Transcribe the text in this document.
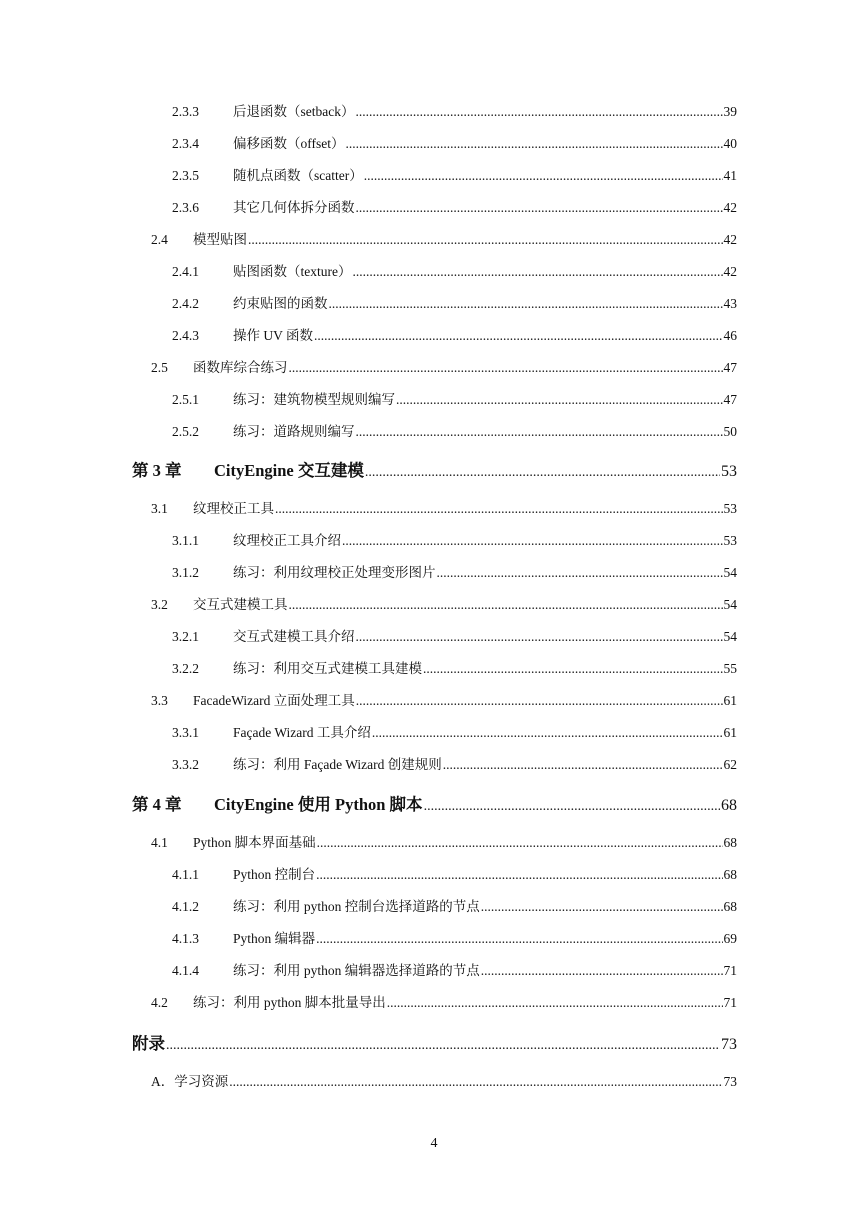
2.3.3	后退函数（setback） .....	39
2.3.4	偏移函数（offset） .....	40
2.3.5	随机点函数（scatter） .....	41
2.3.6	其它几何体拆分函数 .....	42
2.4	模型贴图 .....	42
2.4.1	贴图函数（texture） .....	42
2.4.2	约束贴图的函数 .....	43
2.4.3	操作 UV 函数 .....	46
2.5	函数库综合练习 .....	47
2.5.1	练习：建筑物模型规则编写 .....	47
2.5.2	练习：道路规则编写 .....	50
第 3 章	CityEngine 交互建模 .....	53
3.1	纹理校正工具 .....	53
3.1.1	纹理校正工具介绍 .....	53
3.1.2	练习：利用纹理校正处理变形图片 .....	54
3.2	交互式建模工具 .....	54
3.2.1	交互式建模工具介绍 .....	54
3.2.2	练习：利用交互式建模工具建模 .....	55
3.3	FacadeWizard 立面处理工具 .....	61
3.3.1	Façade Wizard 工具介绍 .....	61
3.3.2	练习：利用 Façade Wizard 创建规则 .....	62
第 4 章	CityEngine 使用 Python 脚本 .....	68
4.1	Python 脚本界面基础 .....	68
4.1.1	Python 控制台 .....	68
4.1.2	练习：利用 python 控制台选择道路的节点 .....	68
4.1.3	Python 编辑器 .....	69
4.1.4	练习：利用 python 编辑器选择道路的节点 .....	71
4.2	练习：利用 python 脚本批量导出 .....	71
附录 .....	73
A．学习资源 .....	73
4
